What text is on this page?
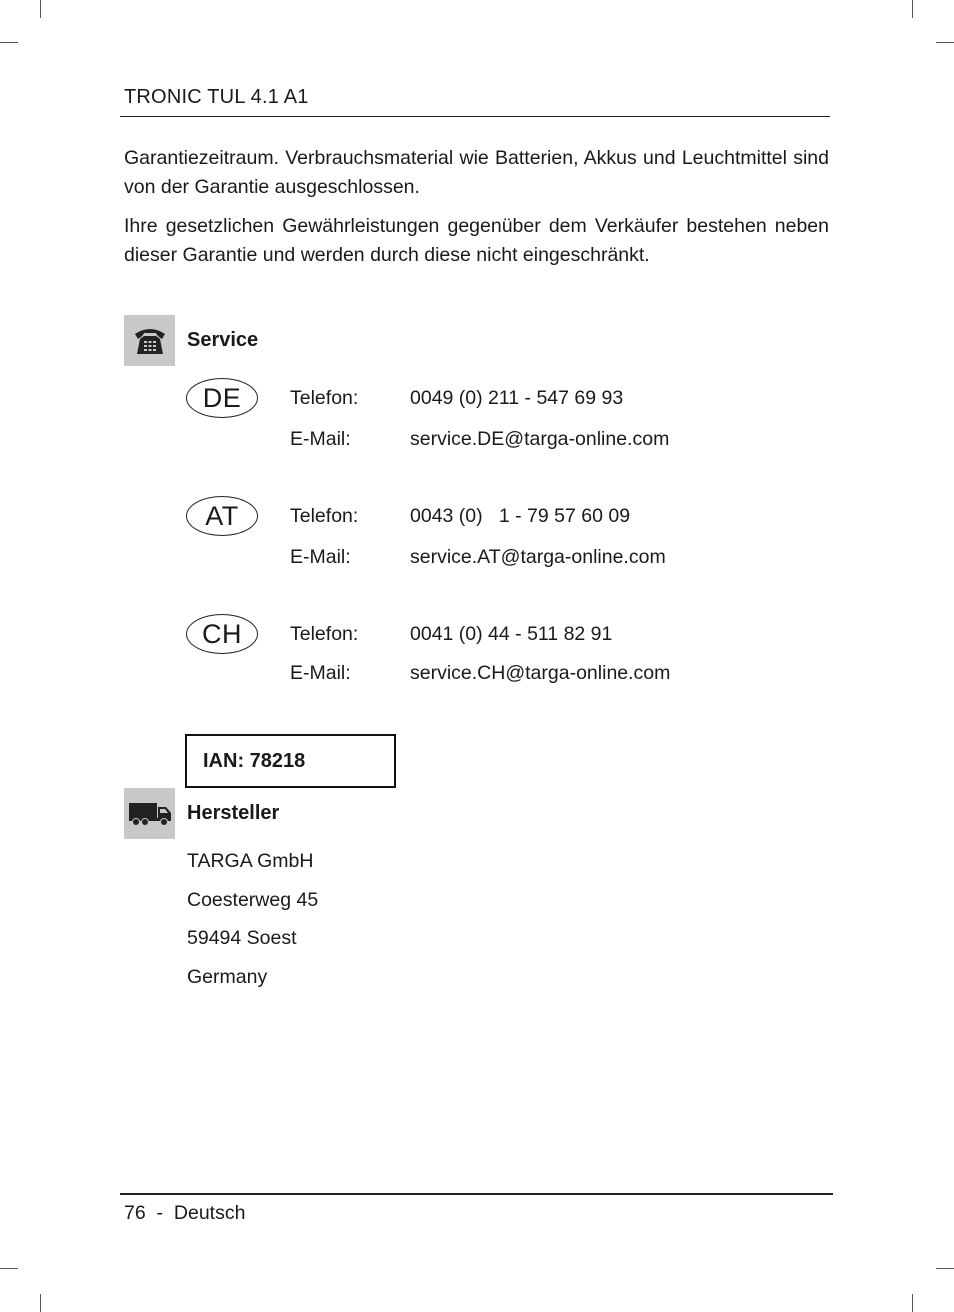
TRONIC TUL 4.1 A1
Garantiezeitraum. Verbrauchsmaterial wie Batterien, Akkus und Leuchtmittel sind von der Garantie ausgeschlossen.
Ihre gesetzlichen Gewährleistungen gegenüber dem Verkäufer bestehen neben dieser Garantie und werden durch diese nicht eingeschränkt.
Service
DE	Telefon:	0049 (0) 211 - 547 69 93
E-Mail:	service.DE@targa-online.com
AT	Telefon:	0043 (0)   1 - 79 57 60 09
E-Mail:	service.AT@targa-online.com
CH	Telefon:	0041 (0) 44 - 511 82 91
E-Mail:	service.CH@targa-online.com
IAN: 78218
Hersteller
TARGA GmbH
Coesterweg 45
59494 Soest
Germany
76 - Deutsch
